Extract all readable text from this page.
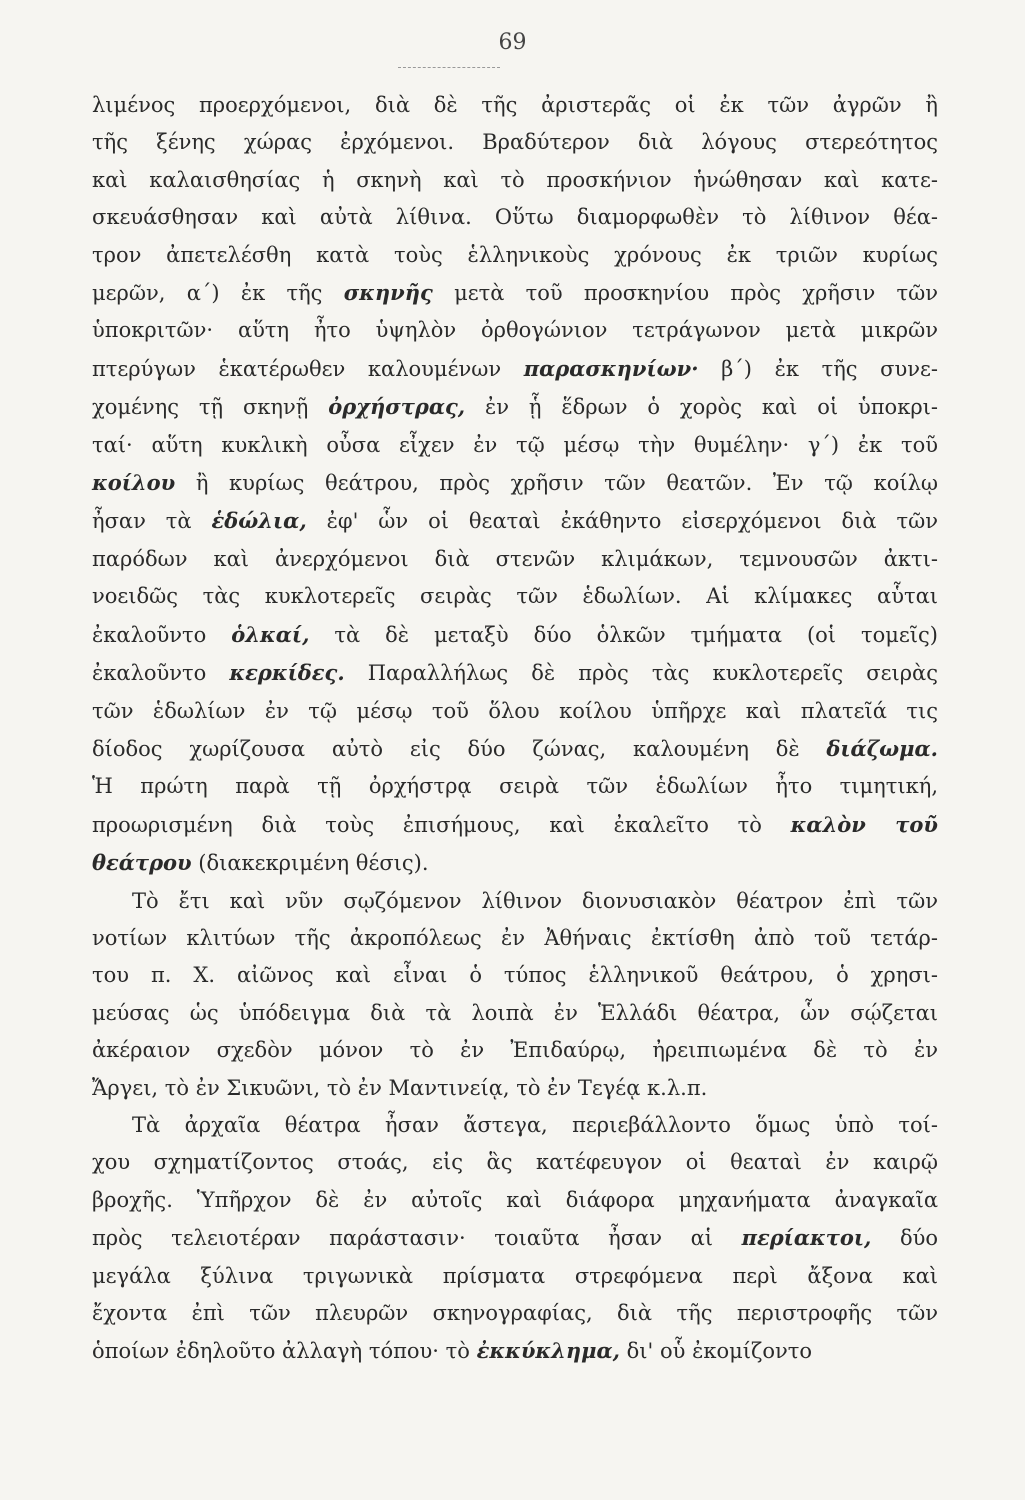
69
λιμένος προερχόμενοι, διὰ δὲ τῆς ἀριστερᾶς οἱ ἐκ τῶν ἀγρῶν ἢ
τῆς ξένης χώρας ἐρχόμενοι. Βραδύτερον διὰ λόγους στερεότητος
καὶ καλαισθησίας ἡ σκηνὴ καὶ τὸ προσκήνιον ἡνώθησαν καὶ κατε-
σκευάσθησαν καὶ αὐτὰ λίθινα. Οὕτω διαμορφωθὲν τὸ λίθινον θέα-
τρον ἀπετελέσθη κατὰ τοὺς ἑλληνικοὺς χρόνους ἐκ τριῶν κυρίως
μερῶν, α΄) ἐκ τῆς σκηνῆς μετὰ τοῦ προσκηνίου πρὸς χρῆσιν τῶν
ὑποκριτῶν· αὕτη ἦτο ὑψηλὸν ὀρθογώνιον τετράγωνον μετὰ μικρῶν
πτερύγων ἑκατέρωθεν καλουμένων παρασκηνίων· β΄) ἐκ τῆς συνε-
χομένης τῇ σκηνῇ ὀρχήστρας, ἐν ᾗ ἕδρων ὁ χορὸς καὶ οἱ ὑποκρι-
ταί· αὕτη κυκλικὴ οὖσα εἶχεν ἐν τῷ μέσῳ τὴν θυμέλην· γ΄) ἐκ τοῦ
κοίλου ἢ κυρίως θεάτρου, πρὸς χρῆσιν τῶν θεατῶν. Ἐν τῷ κοίλῳ
ἦσαν τὰ ἑδώλια, ἐφ' ὧν οἱ θεαταὶ ἐκάθηντο εἰσερχόμενοι διὰ τῶν
παρόδων καὶ ἀνερχόμενοι διὰ στενῶν κλιμάκων, τεμνουσῶν ἀκτι-
νοειδῶς τὰς κυκλοτερεῖς σειρὰς τῶν ἑδωλίων. Αἱ κλίμακες αὗται
ἐκαλοῦντο ὁλκαί, τὰ δὲ μεταξὺ δύο ὁλκῶν τμήματα (οἱ τομεῖς)
ἐκαλοῦντο κερκίδες. Παραλλήλως δὲ πρὸς τὰς κυκλοτερεῖς σειρὰς
τῶν ἑδωλίων ἐν τῷ μέσῳ τοῦ ὅλου κοίλου ὑπῆρχε καὶ πλατεῖά τις
δίοδος χωρίζουσα αὐτὸ εἰς δύο ζώνας, καλουμένη δὲ διάζωμα.
Ἡ πρώτη παρὰ τῇ ὀρχήστρᾳ σειρὰ τῶν ἑδωλίων ἦτο τιμητική,
προωρισμένη διὰ τοὺς ἐπισήμους, καὶ ἐκαλεῖτο τὸ καλὸν τοῦ
θεάτρου (διακεκριμένη θέσις).
Τὸ ἔτι καὶ νῦν σῳζόμενον λίθινον διονυσιακὸν θέατρον ἐπὶ τῶν
νοτίων κλιτύων τῆς ἀκροπόλεως ἐν Ἀθήναις ἐκτίσθη ἀπὸ τοῦ τετάρ-
του π. Χ. αἰῶνος καὶ εἶναι ὁ τύπος ἑλληνικοῦ θεάτρου, ὁ χρησι-
μεύσας ὡς ὑπόδειγμα διὰ τὰ λοιπὰ ἐν Ἑλλάδι θέατρα, ὧν σῴζεται
ἀκέραιον σχεδὸν μόνον τὸ ἐν Ἐπιδαύρῳ, ἠρειπιωμένα δὲ τὸ ἐν
Ἄργει, τὸ ἐν Σικυῶνι, τὸ ἐν Μαντινείᾳ, τὸ ἐν Τεγέᾳ κ.λ.π.
Τὰ ἀρχαῖα θέατρα ἦσαν ἄστεγα, περιεβάλλοντο ὅμως ὑπὸ τοί-
χου σχηματίζοντος στοάς, εἰς ἃς κατέφευγον οἱ θεαταὶ ἐν καιρῷ
βροχῆς. Ὑπῆρχον δὲ ἐν αὐτοῖς καὶ διάφορα μηχανήματα ἀναγκαῖα
πρὸς τελειοτέραν παράστασιν· τοιαῦτα ἦσαν αἱ περίακτοι, δύο
μεγάλα ξύλινα τριγωνικὰ πρίσματα στρεφόμενα περὶ ἄξονα καὶ
ἔχοντα ἐπὶ τῶν πλευρῶν σκηνογραφίας, διὰ τῆς περιστροφῆς τῶν
ὁποίων ἐδηλοῦτο ἀλλαγὴ τόπου· τὸ ἐκκύκλημα, δι' οὗ ἐκομίζοντο
